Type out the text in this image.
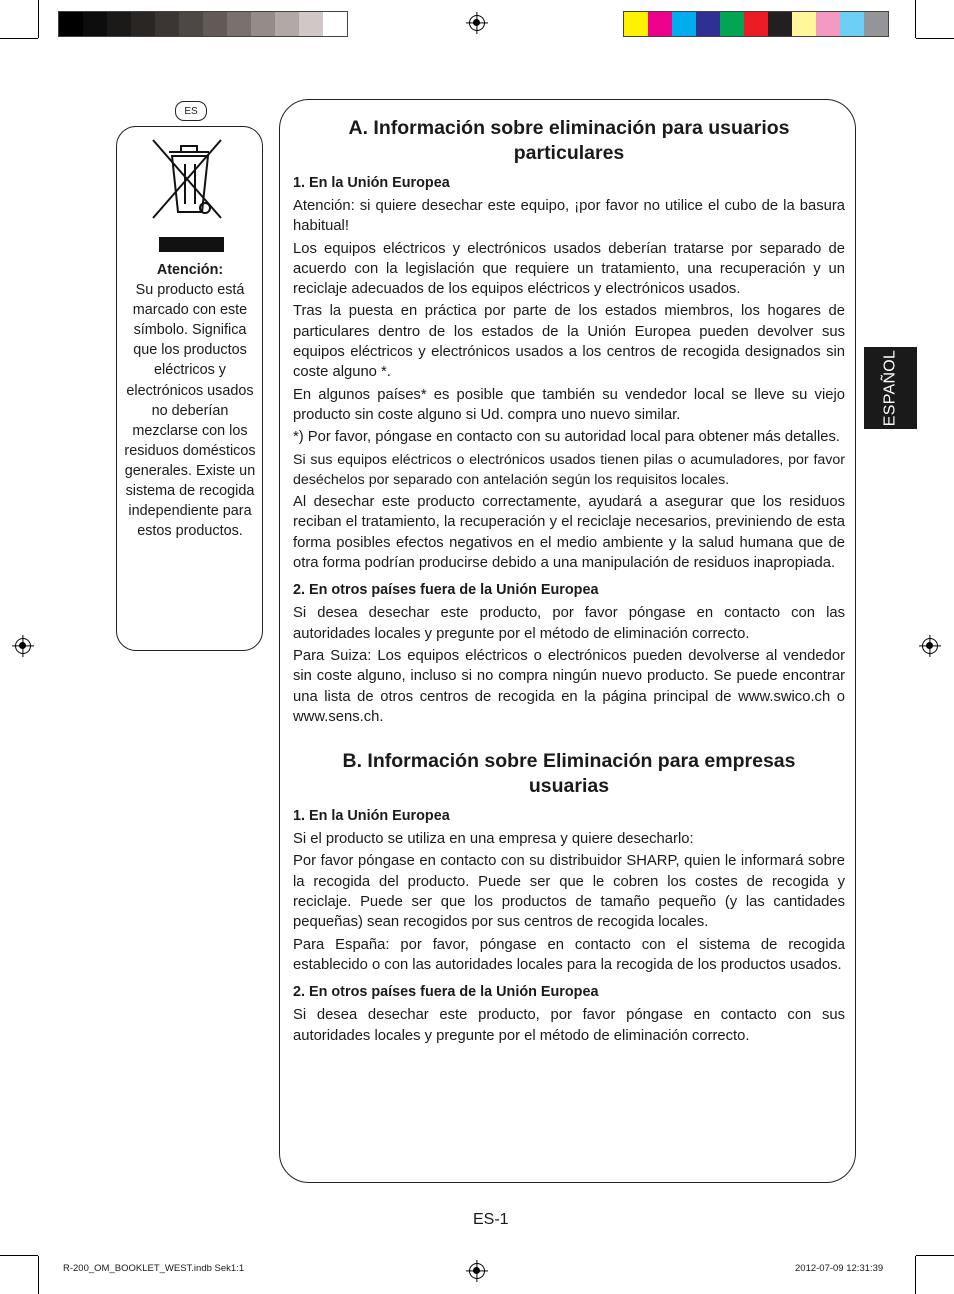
ES
Atención:
Su producto está marcado con este símbolo. Significa que los productos eléctricos y electrónicos usados no deberían mezclarse con los residuos domésticos generales. Existe un sistema de recogida independiente para estos productos.
A. Información sobre eliminación para usuarios particulares
1. En la Unión Europea

Atención: si quiere desechar este equipo, ¡por favor no utilice el cubo de la basura habitual!

Los equipos eléctricos y electrónicos usados deberían tratarse por separado de acuerdo con la legislación que requiere un tratamiento, una recuperación y un reciclaje adecuados de los equipos eléctricos y electrónicos usados.

Tras la puesta en práctica por parte de los estados miembros, los hogares de particulares dentro de los estados de la Unión Europea pueden devolver sus equipos eléctricos y electrónicos usados a los centros de recogida designados sin coste alguno *.

En algunos países* es posible que también su vendedor local se lleve su viejo producto sin coste alguno si Ud. compra uno nuevo similar.

*) Por favor, póngase en contacto con su autoridad local para obtener más detalles.

Si sus equipos eléctricos o electrónicos usados tienen pilas o acumuladores, por favor deséchelos por separado con antelación según los requisitos locales.

Al desechar este producto correctamente, ayudará a asegurar que los residuos reciban el tratamiento, la recuperación y el reciclaje necesarios, previniendo de esta forma posibles efectos negativos en el medio ambiente y la salud humana que de otra forma podrían producirse debido a una manipulación de residuos inapropiada.

2. En otros países fuera de la Unión Europea

Si desea desechar este producto, por favor póngase en contacto con las autoridades locales y pregunte por el método de eliminación correcto.

Para Suiza: Los equipos eléctricos o electrónicos pueden devolverse al vendedor sin coste alguno, incluso si no compra ningún nuevo producto. Se puede encontrar una lista de otros centros de recogida en la página principal de www.swico.ch o www.sens.ch.

B. Información sobre Eliminación para empresas usuarias
1. En la Unión Europea

Si el producto se utiliza en una empresa y quiere desecharlo:

Por favor póngase en contacto con su distribuidor SHARP, quien le informará sobre la recogida del producto. Puede ser que le cobren los costes de recogida y reciclaje. Puede ser que los productos de tamaño pequeño (y las cantidades pequeñas) sean recogidos por sus centros de recogida locales.

Para España: por favor, póngase en contacto con el sistema de recogida establecido o con las autoridades locales para la recogida de los productos usados.

2. En otros países fuera de la Unión Europea

Si desea desechar este producto, por favor póngase en contacto con sus autoridades locales y pregunte por el método de eliminación correcto.

ESPAÑOL
ES-1
R-200_OM_BOOKLET_WEST.indb Sek1:1	2012-07-09 12:31:39
